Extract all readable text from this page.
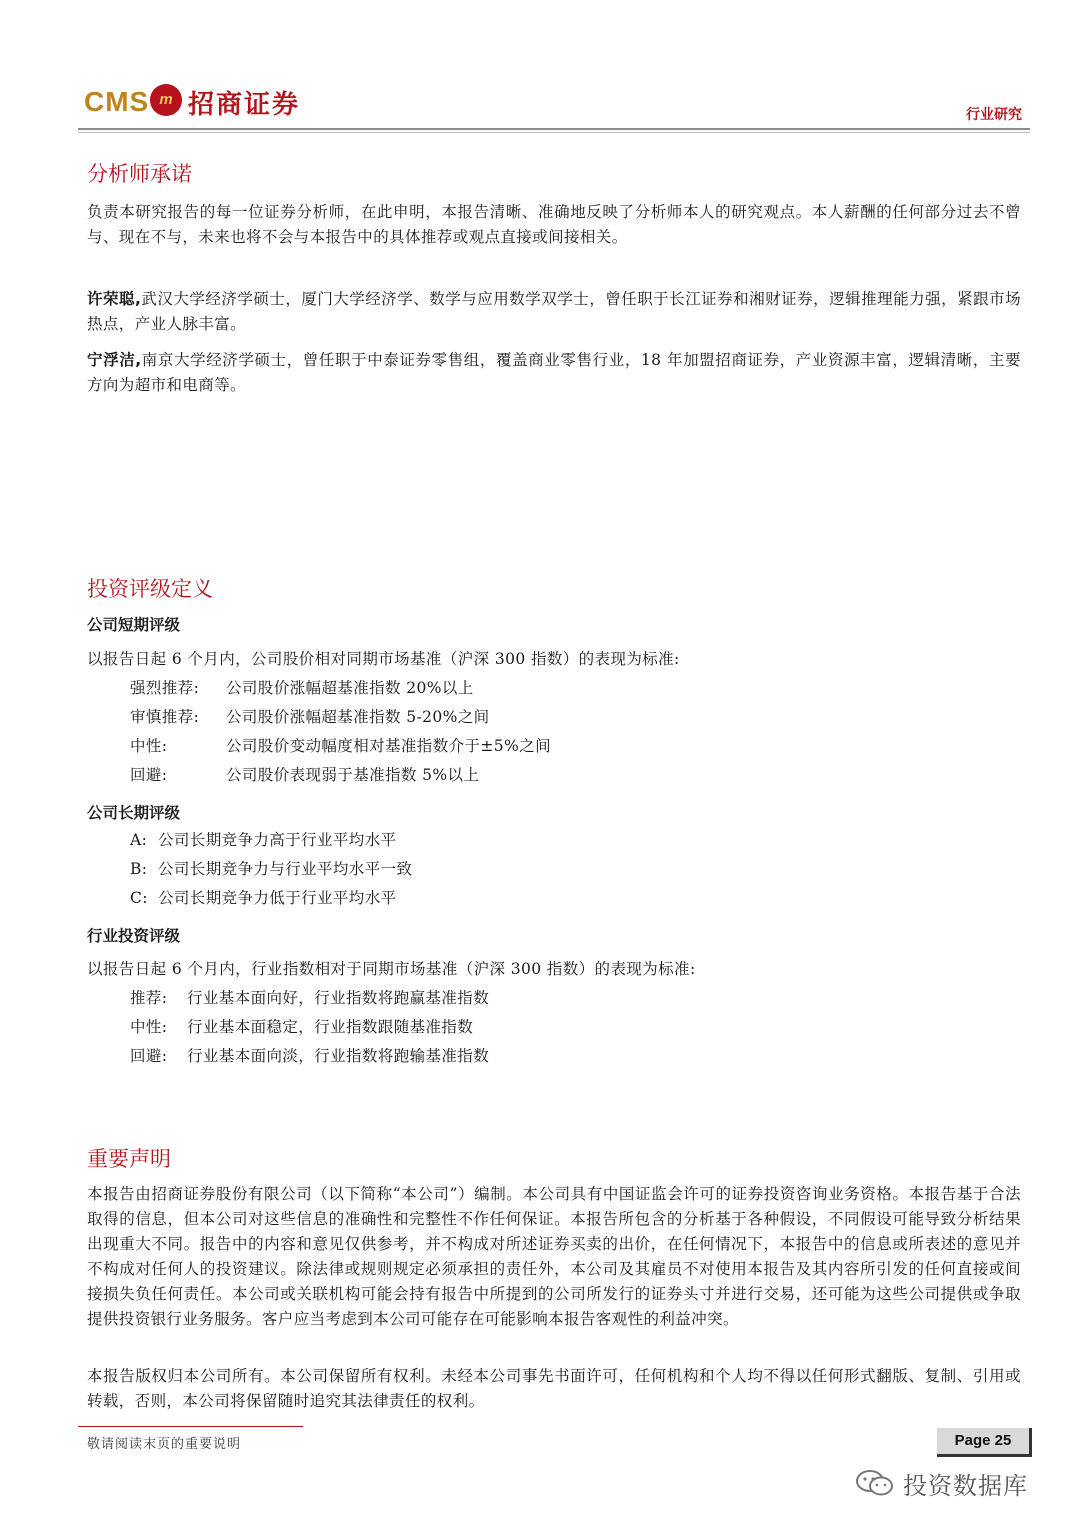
CMS m 招商证券	行业研究
分析师承诺
负责本研究报告的每一位证券分析师，在此申明，本报告清晰、准确地反映了分析师本人的研究观点。本人薪酬的任何部分过去不曾与、现在不与，未来也将不会与本报告中的具体推荐或观点直接或间接相关。
许荣聪,武汉大学经济学硕士，厦门大学经济学、数学与应用数学双学士，曾任职于长江证券和湘财证券，逻辑推理能力强，紧跟市场热点，产业人脉丰富。
宁浮洁,南京大学经济学硕士，曾任职于中泰证券零售组，覆盖商业零售行业，18 年加盟招商证券，产业资源丰富，逻辑清晰，主要方向为超市和电商等。
投资评级定义
公司短期评级
以报告日起 6 个月内，公司股价相对同期市场基准（沪深 300 指数）的表现为标准:
强烈推荐: 公司股价涨幅超基准指数 20%以上
审慎推荐: 公司股价涨幅超基准指数 5-20%之间
中性:	公司股价变动幅度相对基准指数介于±5%之间
回避:	公司股价表现弱于基准指数 5%以上
公司长期评级
A: 公司长期竞争力高于行业平均水平
B: 公司长期竞争力与行业平均水平一致
C: 公司长期竞争力低于行业平均水平
行业投资评级
以报告日起 6 个月内，行业指数相对于同期市场基准（沪深 300 指数）的表现为标准:
推荐: 行业基本面向好，行业指数将跑赢基准指数
中性: 行业基本面稳定，行业指数跟随基准指数
回避: 行业基本面向淡，行业指数将跑输基准指数
重要声明
本报告由招商证券股份有限公司（以下简称“本公司”）编制。本公司具有中国证监会许可的证券投资咨询业务资格。本报告基于合法取得的信息，但本公司对这些信息的准确性和完整性不作任何保证。本报告所包含的分析基于各种假设，不同假设可能导致分析结果出现重大不同。报告中的内容和意见仅供参考，并不构成对所述证券买卖的出价，在任何情况下，本报告中的信息或所表述的意见并不构成对任何人的投资建议。除法律或规则规定必须承担的责任外，本公司及其雇员不对使用本报告及其内容所引发的任何直接或间接损失负任何责任。本公司或关联机构可能会持有报告中所提到的公司所发行的证券头寸并进行交易，还可能为这些公司提供或争取提供投资银行业务服务。客户应当考虑到本公司可能存在可能影响本报告客观性的利益冲突。
本报告版权归本公司所有。本公司保留所有权利。未经本公司事先书面许可，任何机构和个人均不得以任何形式翻版、复制、引用或转载，否则，本公司将保留随时追究其法律责任的权利。
敬请阅读末页的重要说明	Page 25
投资数据库
